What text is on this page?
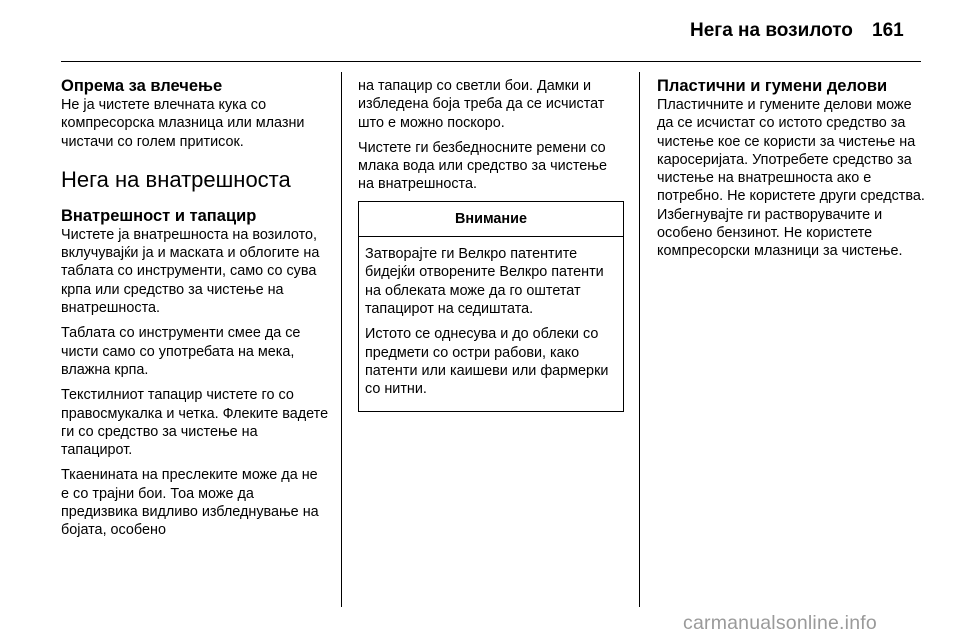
Нега на возилото 161
Опрема за влечење

Не ја чистете влечната кука со компресорска млазница или млазни чистачи со голем притисок.

Нега на внатрешноста
Внатрешност и тапацир

Чистете ја внатрешноста на возилото, вклучувајќи ја и маската и облогите на таблата со инструменти, само со сува крпа или средство за чистење на внатрешноста.

Таблата со инструменти смее да се чисти само со употребата на мека, влажна крпа.

Текстилниот тапацир чистете го со правосмукалка и четка. Флеките вадете ги со средство за чистење на тапацирот.

Ткаенината на преслеките може да не е со трајни бои. Тоа може да предизвика видливо избледнување на бојата, особено

на тапацир со светли бои. Дамки и избледена боја треба да се исчистат што е можно поскоро.

Чистете ги безбедносните ремени со млака вода или средство за чистење на внатрешноста.

Внимание

Затворајте ги Велкро патентите бидејќи отворените Велкро патенти на облеката може да го оштетат тапацирот на седиштата.

Истото се однесува и до облеки со предмети со остри рабови, како патенти или каишеви или фармерки со нитни.

Пластични и гумени делови

Пластичните и гумените делови може да се исчистат со истото средство за чистење кое се користи за чистење на каросеријата. Употребете средство за чистење на внатрешноста ако е потребно. Не користете други средства. Избегнувајте ги растворувачите и особено бензинот. Не користете компресорски млазници за чистење.

carmanualsonline.info
